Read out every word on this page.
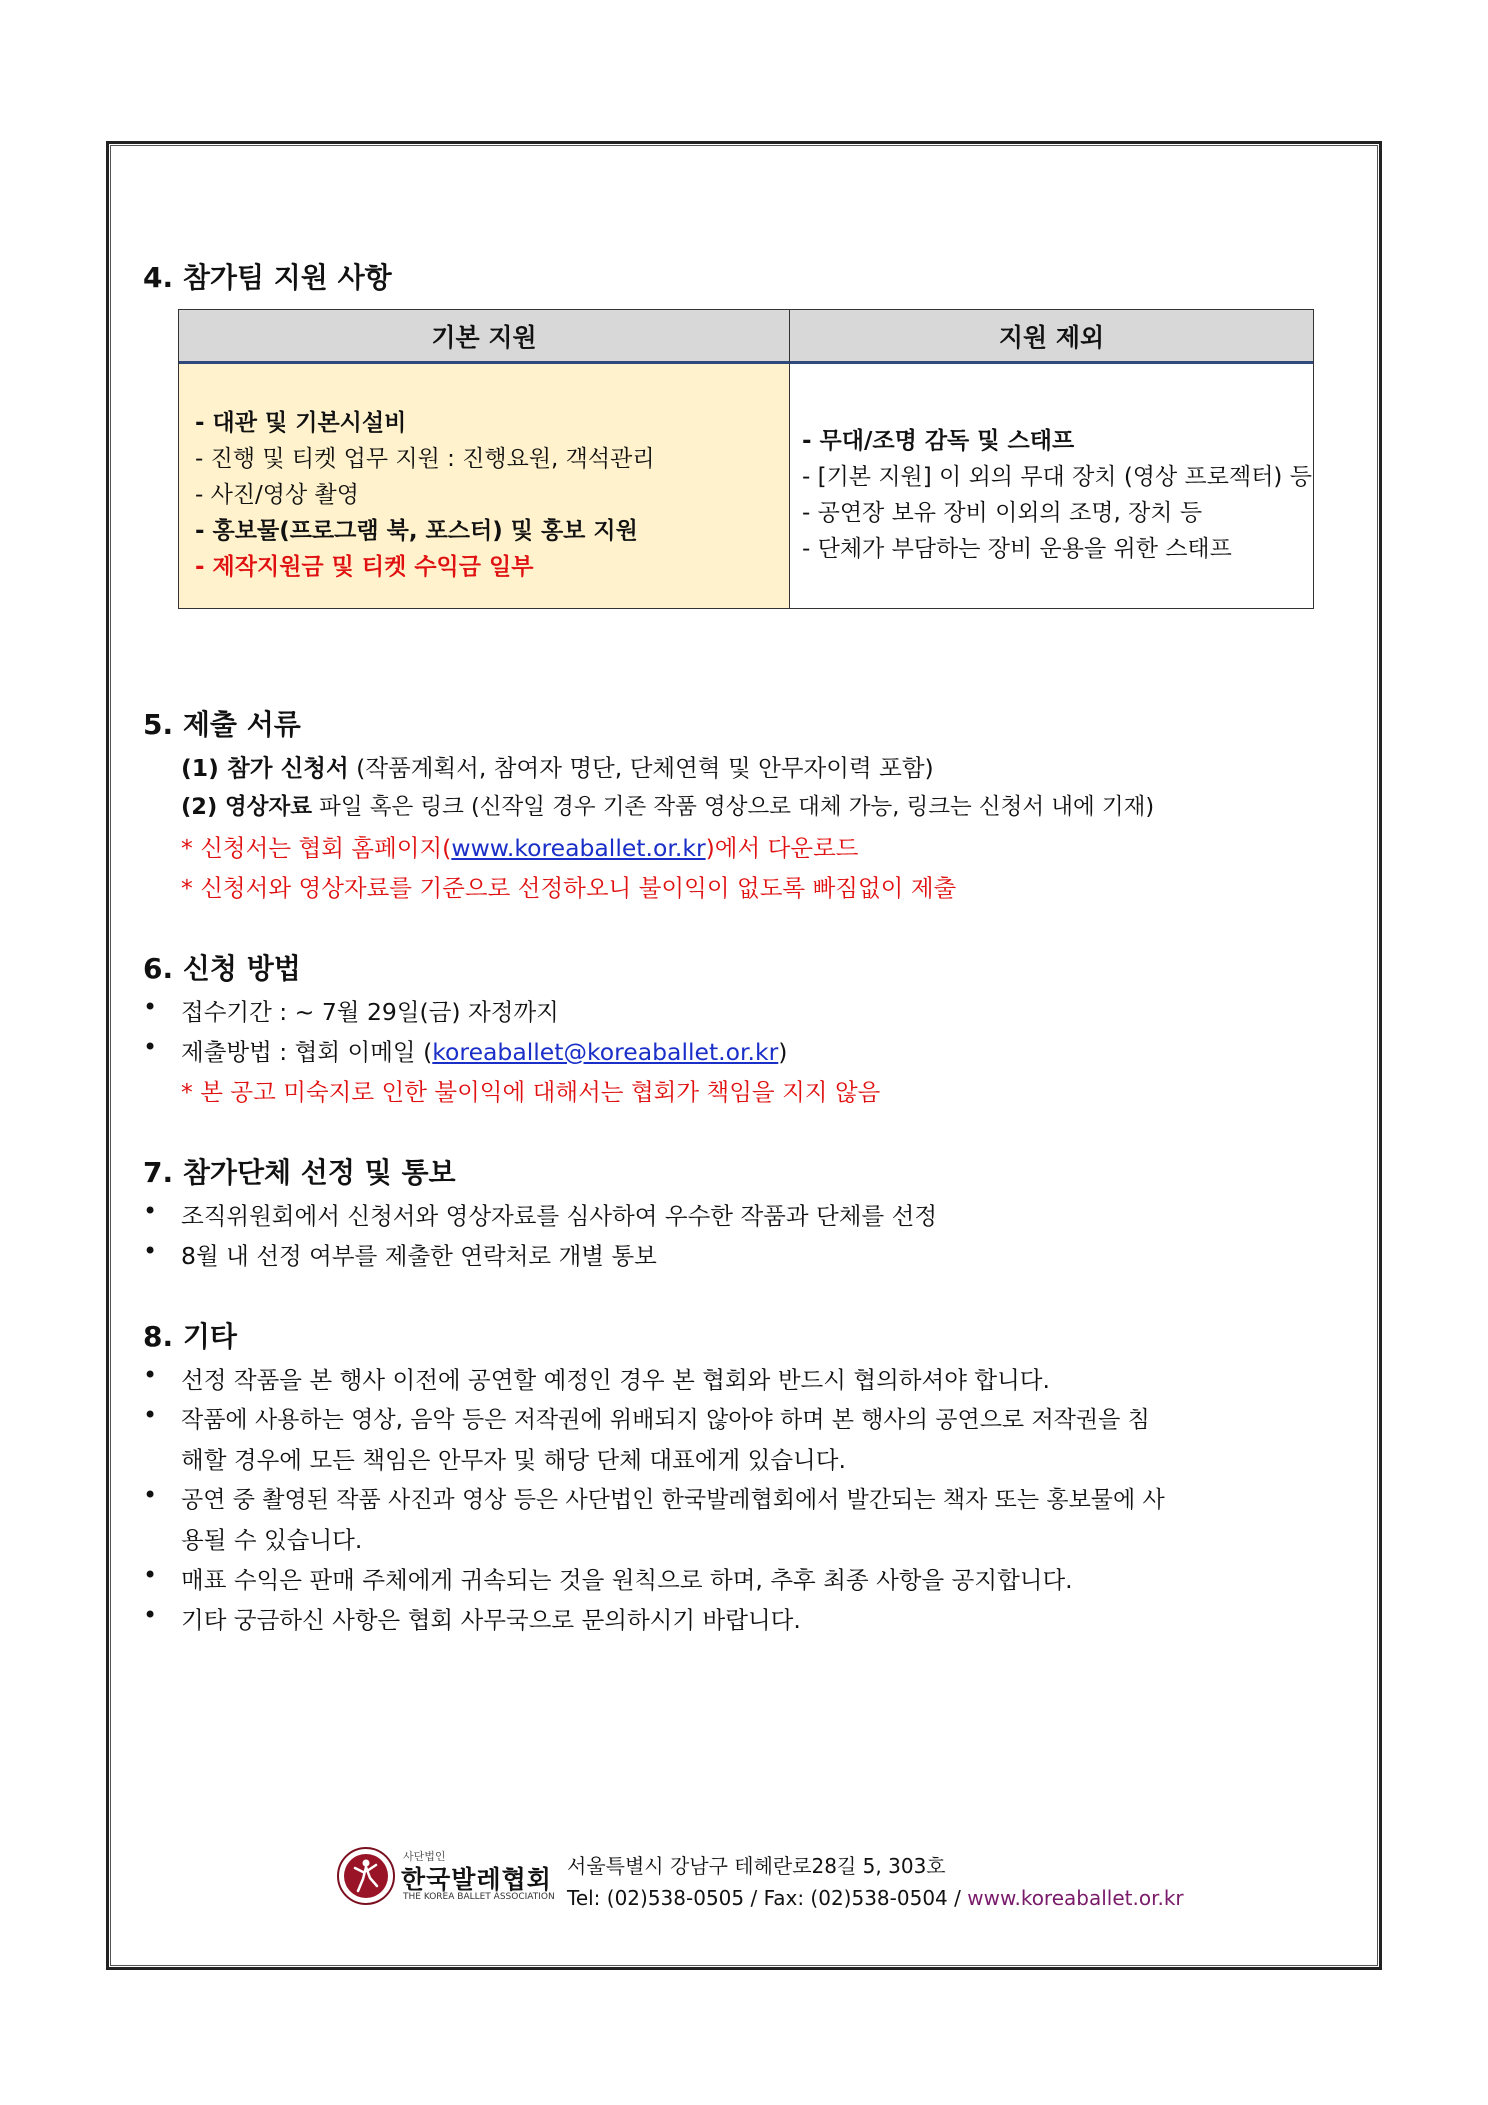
4. 참가팀 지원 사항
기본 지원	지원 제외

- 대관 및 기본시설비

- 진행 및 티켓 업무 지원 : 진행요원, 객석관리

- 사진/영상 촬영

- 홍보물(프로그램 북, 포스터) 및 홍보 지원

- 제작지원금 및 티켓 수익금 일부

- 무대/조명 감독 및 스태프

- [기본 지원] 이 외의 무대 장치 (영상 프로젝터) 등

- 공연장 보유 장비 이외의 조명, 장치 등

- 단체가 부담하는 장비 운용을 위한 스태프

5. 제출 서류

(1) 참가 신청서 (작품계획서, 참여자 명단, 단체연혁 및 안무자이력 포함)

(2) 영상자료 파일 혹은 링크 (신작일 경우 기존 작품 영상으로 대체 가능, 링크는 신청서 내에 기재)

* 신청서는 협회 홈페이지(www.koreaballet.or.kr)에서 다운로드

* 신청서와 영상자료를 기준으로 선정하오니 불이익이 없도록 빠짐없이 제출

6. 신청 방법
• 접수기간 : ~ 7월 29일(금) 자정까지

• 제출방법 : 협회 이메일 (koreaballet@koreaballet.or.kr)

* 본 공고 미숙지로 인한 불이익에 대해서는 협회가 책임을 지지 않음

7. 참가단체 선정 및 통보
• 조직위원회에서 신청서와 영상자료를 심사하여 우수한 작품과 단체를 선정

• 8월 내 선정 여부를 제출한 연락처로 개별 통보

8. 기타
• 선정 작품을 본 행사 이전에 공연할 예정인 경우 본 협회와 반드시 협의하셔야 합니다.

• 작품에 사용하는 영상, 음악 등은 저작권에 위배되지 않아야 하며 본 행사의 공연으로 저작권을 침

해할 경우에 모든 책임은 안무자 및 해당 단체 대표에게 있습니다.

• 공연 중 촬영된 작품 사진과 영상 등은 사단법인 한국발레협회에서 발간되는 책자 또는 홍보물에 사

용될 수 있습니다.

• 매표 수익은 판매 주체에게 귀속되는 것을 원칙으로 하며, 추후 최종 사항을 공지합니다.

• 기타 궁금하신 사항은 협회 사무국으로 문의하시기 바랍니다.

사단법인
한국발레협회
THE KOREA BALLET ASSOCIATION
서울특별시 강남구 테헤란로28길 5, 303호
Tel: (02)538-0505 / Fax: (02)538-0504 / www.koreaballet.or.kr
